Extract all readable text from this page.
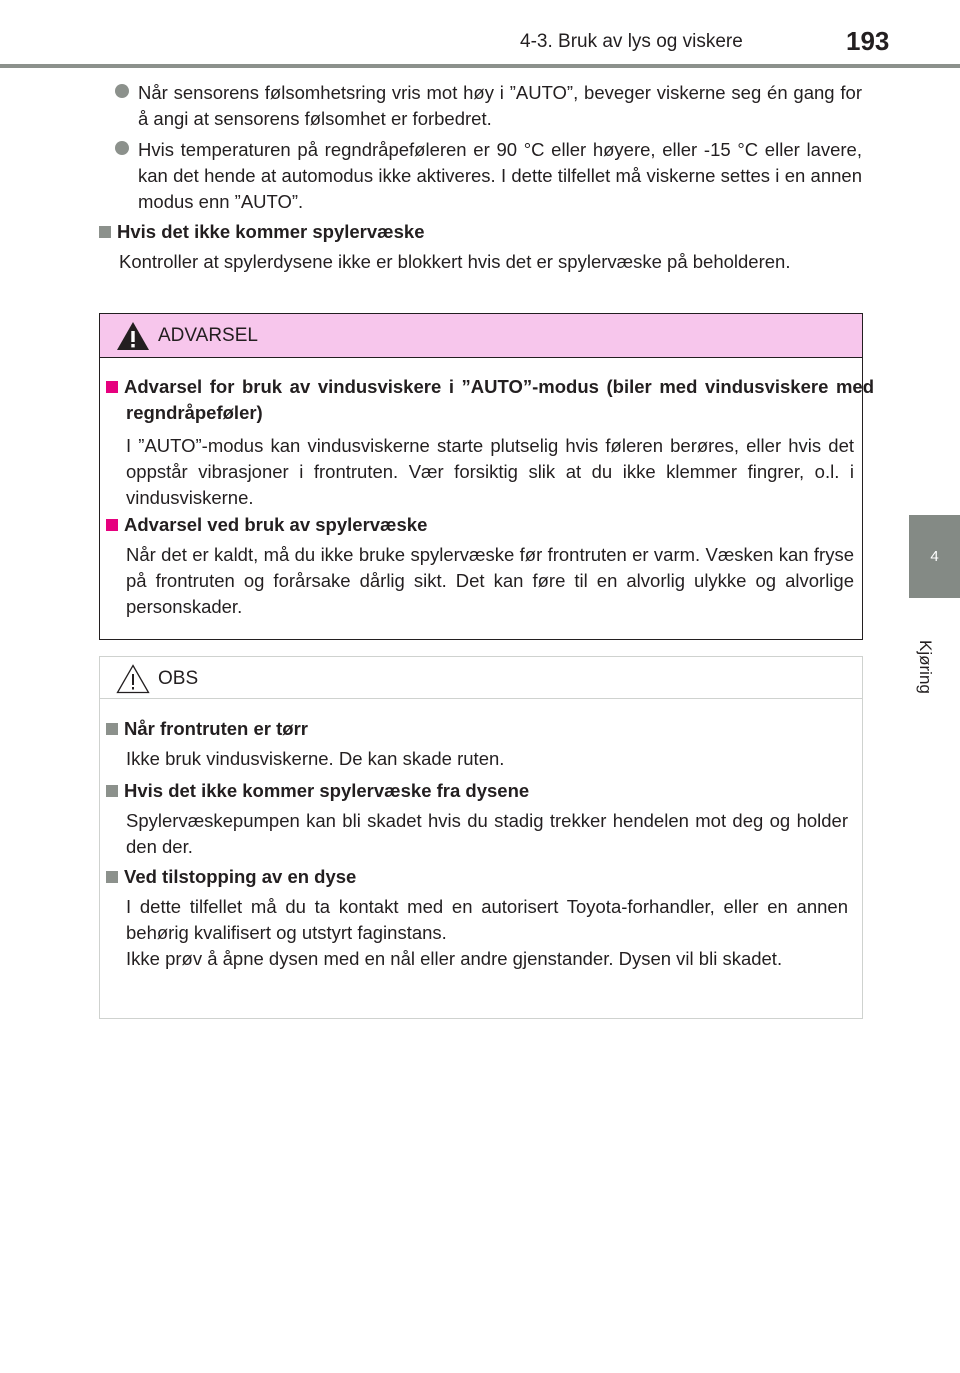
4-3. Bruk av lys og viskere	193
4
Kjøring
Når sensorens følsomhetsring vris mot høy i ”AUTO”, beveger viskerne seg én gang for å angi at sensorens følsomhet er forbedret.
Hvis temperaturen på regndråpeføleren er 90 °C eller høyere, eller -15 °C eller lavere, kan det hende at automodus ikke aktiveres. I dette tilfellet må viskerne settes i en annen modus enn ”AUTO”.
Hvis det ikke kommer spylervæske
Kontroller at spylerdysene ikke er blokkert hvis det er spylervæske på beholderen.
ADVARSEL
Advarsel for bruk av vindusviskere i ”AUTO”-modus (biler med vindusviskere med regndråpeføler)
I ”AUTO”-modus kan vindusviskerne starte plutselig hvis føleren berøres, eller hvis det oppstår vibrasjoner i frontruten. Vær forsiktig slik at du ikke klemmer fingrer, o.l. i vindusviskerne.
Advarsel ved bruk av spylervæske
Når det er kaldt, må du ikke bruke spylervæske før frontruten er varm. Væsken kan fryse på frontruten og forårsake dårlig sikt. Det kan føre til en alvorlig ulykke og alvorlige personskader.
OBS
Når frontruten er tørr
Ikke bruk vindusviskerne. De kan skade ruten.
Hvis det ikke kommer spylervæske fra dysene
Spylervæskepumpen kan bli skadet hvis du stadig trekker hendelen mot deg og holder den der.
Ved tilstopping av en dyse
I dette tilfellet må du ta kontakt med en autorisert Toyota-forhandler, eller en annen behørig kvalifisert og utstyrt faginstans.
Ikke prøv å åpne dysen med en nål eller andre gjenstander. Dysen vil bli skadet.
